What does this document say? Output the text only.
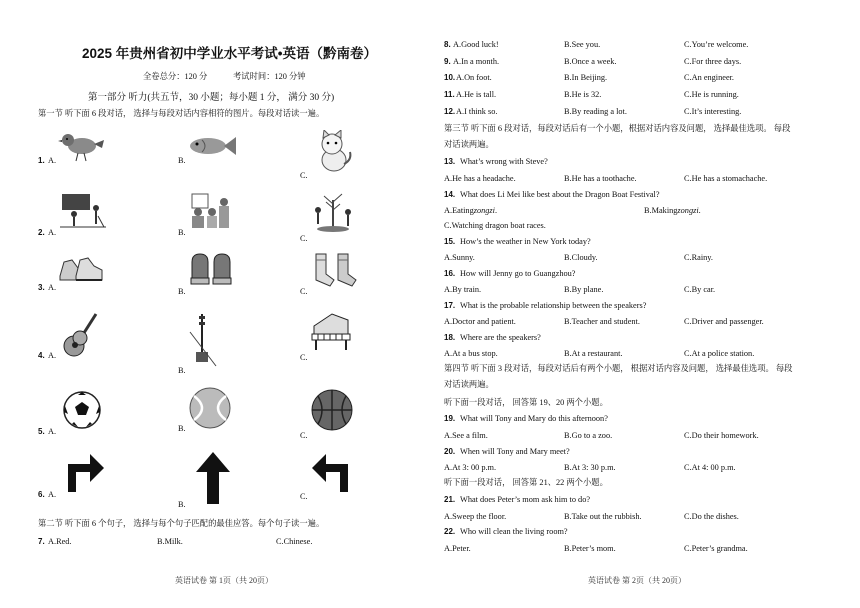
2025 年贵州省初中学业水平考试•英语（黔南卷）
全卷总分：120 分	考试时间：120 分钟
第一部分 听力(共五节，30 小题；每小题 1 分， 满分 30 分)
第一节 听下面 6 段对话， 选择与每段对话内容相符的图片。每段对话读一遍。
1. A.	B.
C.
2. A.	B.
C.
3. A.	B.	C.
4. A.
B.
C.
5. A.	B.
C.
6. A.
B.
C.
第二节 听下面 6 个句子， 选择与每个句子匹配的最佳应答。每个句子读一遍。
7. A.Red.	B.Milk.	C.Chinese.
英语试卷 第 1页（共 20页）
8. A.Good luck!	B.See you.	C.You’re welcome.
9. A.In a month.	B.Once a week.	C.For three days.
10. A.On foot.	B.In Beijing.	C.An engineer.
11. A.He is tall.	B.He is 32.	C.He is running.
12. A.I think so.	B.By reading a lot.	C.It’s interesting.
第三节 听下面 6 段对话，每段对话后有一个小题，根据对话内容及问题， 选择最佳选项。 每段
对话读两遍。
13. What’s wrong with Steve?
A.He has a headache.	B.He has a toothache.	C.He has a stomachache.
14. What does Li Mei like best about the Dragon Boat Festival?
A.Eatingzongzi.	B.Makingzongzi.
C.Watching dragon boat races.
15. How’s the weather in New York today?
A.Sunny.	B.Cloudy.	C.Rainy.
16. How will Jenny go to Guangzhou?
A.By train.	B.By plane.	C.By car.
17. What is the probable relationship between the speakers?
A.Doctor and patient.	B.Teacher and student.	C.Driver and passenger.
18. Where are the speakers?
A.At a bus stop.	B.At a restaurant.	C.At a police station.
第四节 听下面 3 段对话，每段对话后有两个小题， 根据对话内容及问题， 选择最佳选项。 每段
对话读两遍。
听下面一段对话， 回答第 19、20 两个小题。
19. What will Tony and Mary do this afternoon?
A.See a film.	B.Go to a zoo.	C.Do their homework.
20. When will Tony and Mary meet?
A.At 3: 00 p.m.	B.At 3: 30 p.m.	C.At 4: 00 p.m.
听下面一段对话， 回答第 21、22 两个小题。
21. What does Peter’s mom ask him to do?
A.Sweep the floor.	B.Take out the rubbish.	C.Do the dishes.
22. Who will clean the living room?
A.Peter.	B.Peter’s mom.	C.Peter’s grandma.
英语试卷 第 2页（共 20页）
